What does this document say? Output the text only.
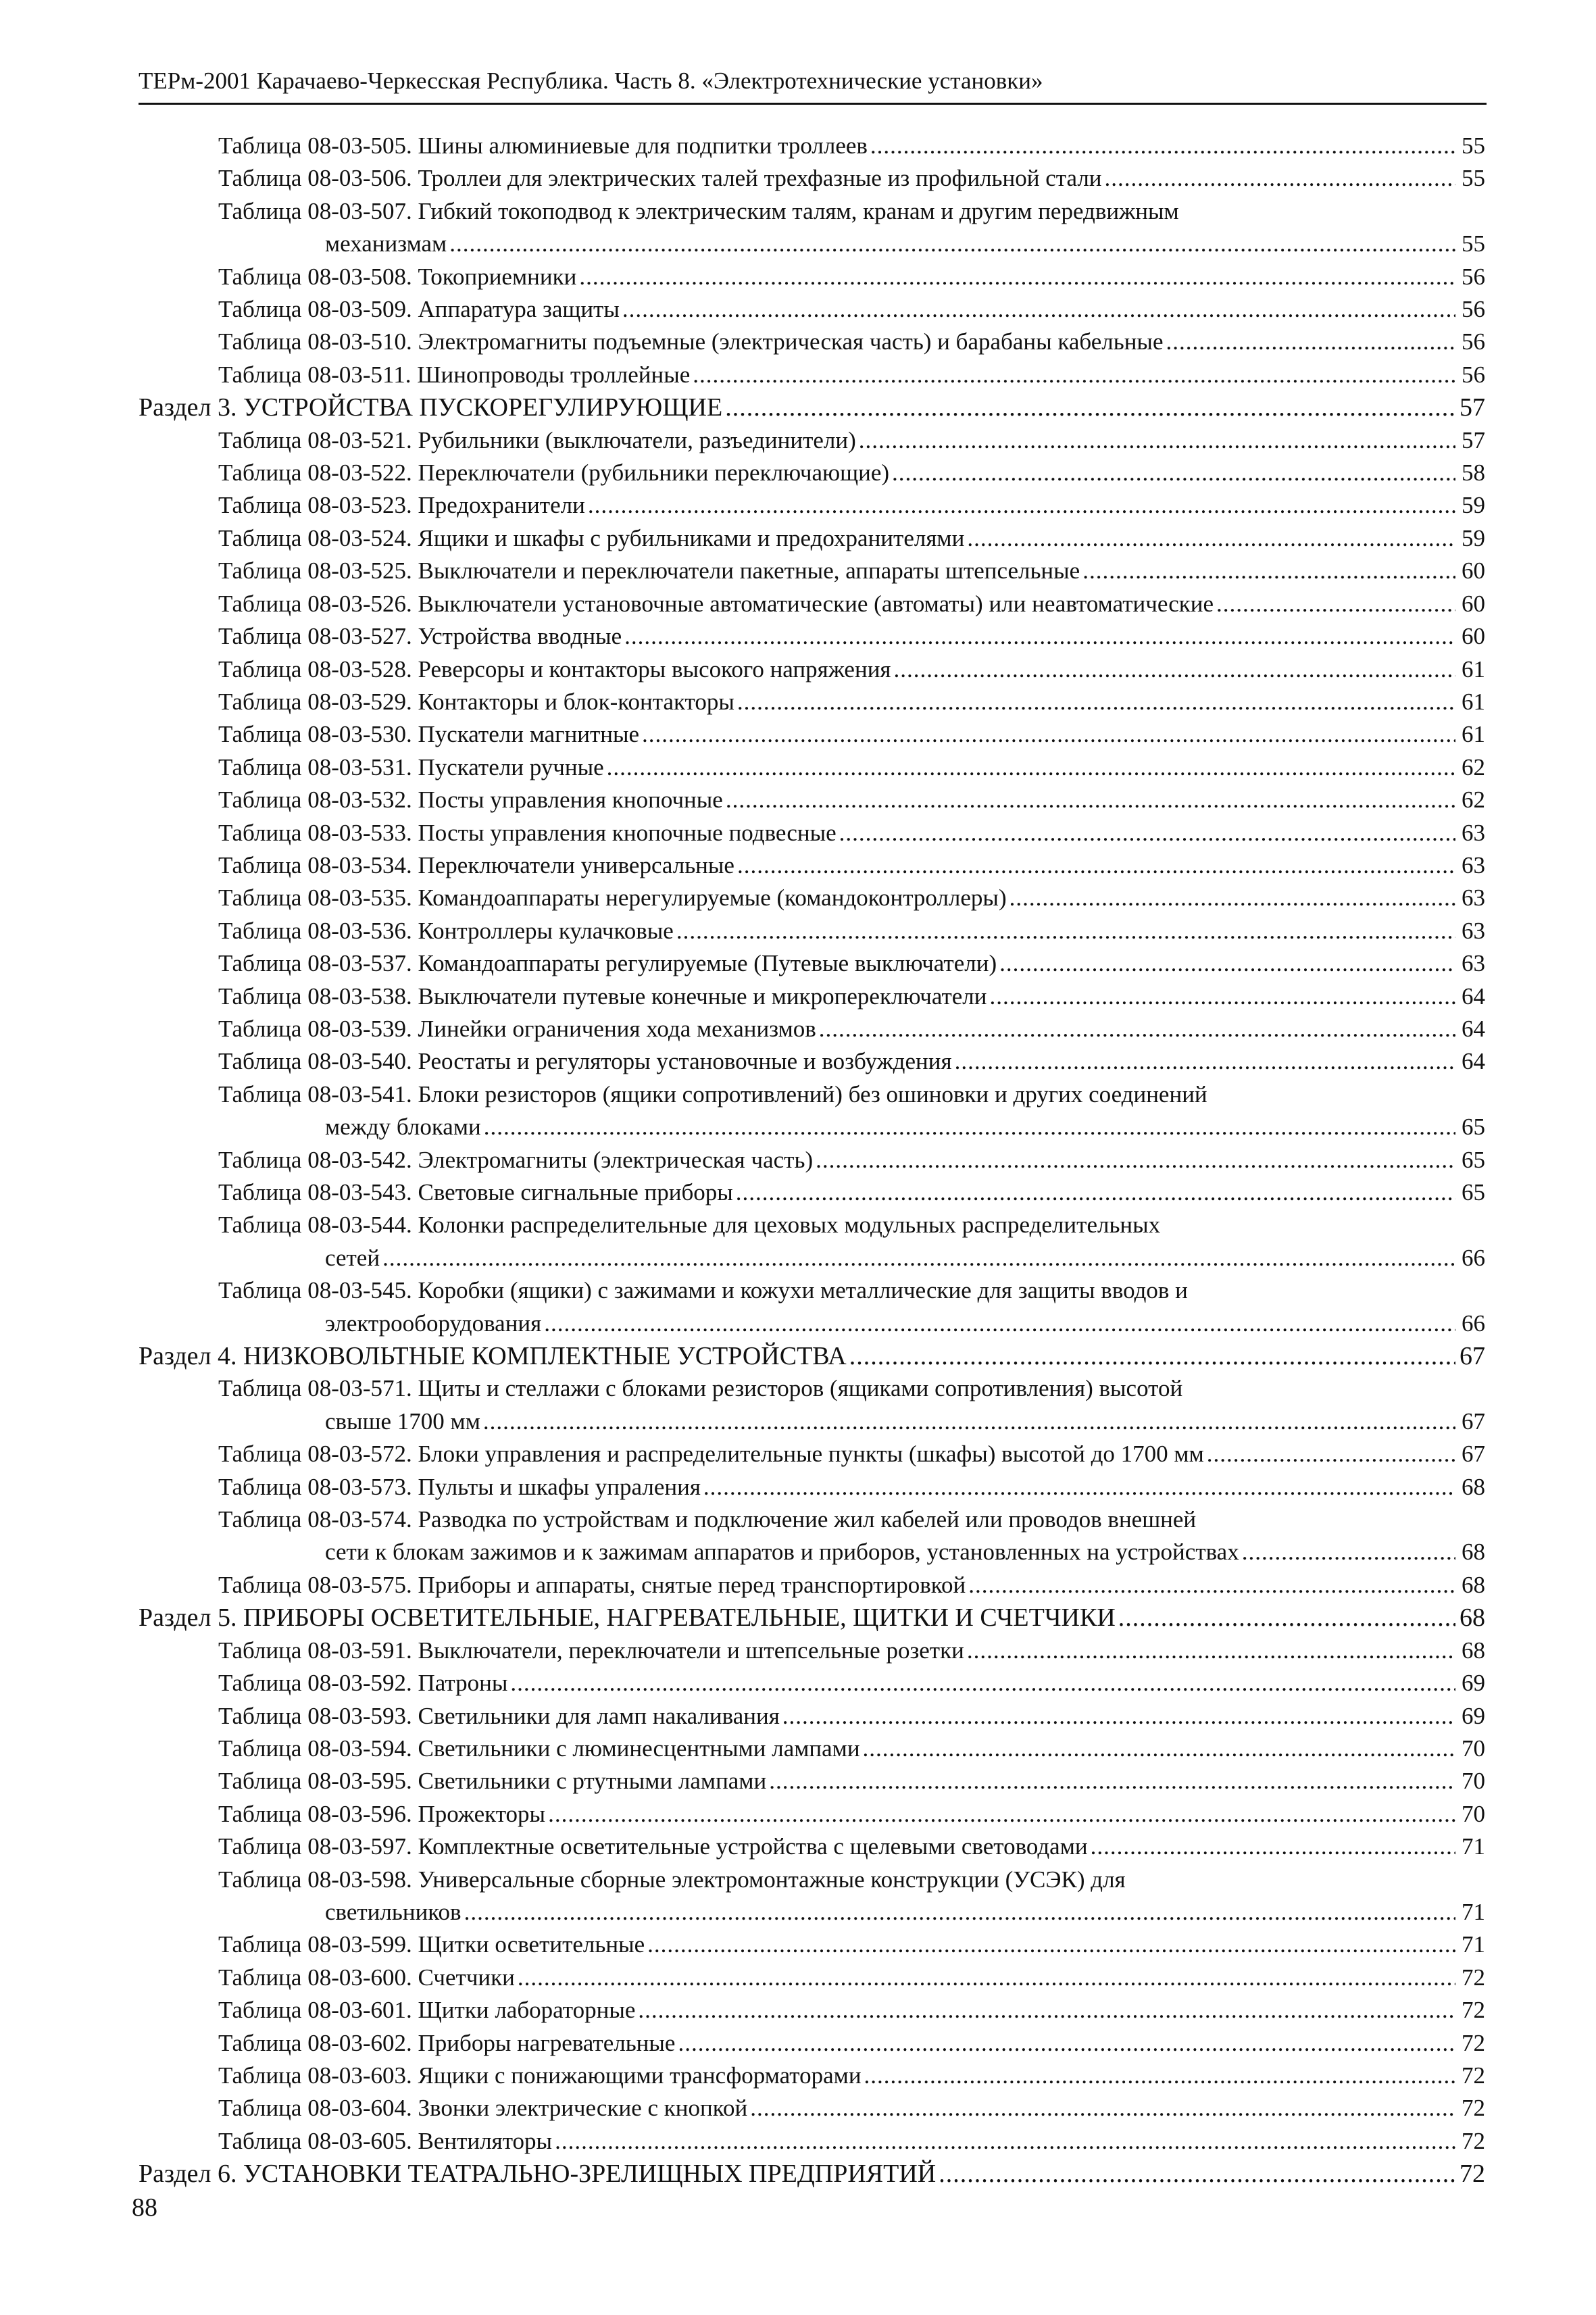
ТЕРм-2001 Карачаево-Черкесская Республика. Часть 8. «Электротехнические установки»
Таблица 08-03-505. Шины алюминиевые для подпитки троллеев .....	55
Таблица 08-03-506. Троллеи для электрических талей трехфазные из профильной стали .....	55
Таблица 08-03-507. Гибкий токоподвод к электрическим талям, кранам и другим передвижным
механизмам .....	55
Таблица 08-03-508. Токоприемники .....	56
Таблица 08-03-509. Аппаратура защиты .....	56
Таблица 08-03-510. Электромагниты подъемные (электрическая часть) и барабаны кабельные .....	56
Таблица 08-03-511. Шинопроводы троллейные .....	56
Раздел 3. УСТРОЙСТВА ПУСКОРЕГУЛИРУЮЩИЕ .....	57
Таблица 08-03-521. Рубильники (выключатели, разъединители) .....	57
Таблица 08-03-522. Переключатели (рубильники переключающие) .....	58
Таблица 08-03-523. Предохранители .....	59
Таблица 08-03-524. Ящики и шкафы с рубильниками и предохранителями .....	59
Таблица 08-03-525. Выключатели и переключатели пакетные, аппараты штепсельные .....	60
Таблица 08-03-526. Выключатели установочные автоматические (автоматы) или неавтоматические .....	60
Таблица 08-03-527. Устройства вводные .....	60
Таблица 08-03-528. Реверсоры и контакторы высокого напряжения .....	61
Таблица 08-03-529. Контакторы и блок-контакторы .....	61
Таблица 08-03-530. Пускатели магнитные .....	61
Таблица 08-03-531. Пускатели ручные .....	62
Таблица 08-03-532. Посты управления кнопочные .....	62
Таблица 08-03-533. Посты управления кнопочные подвесные .....	63
Таблица 08-03-534. Переключатели универсальные .....	63
Таблица 08-03-535. Командоаппараты нерегулируемые (командоконтроллеры) .....	63
Таблица 08-03-536. Контроллеры кулачковые .....	63
Таблица 08-03-537. Командоаппараты регулируемые (Путевые выключатели) .....	63
Таблица 08-03-538. Выключатели путевые конечные и микропереключатели .....	64
Таблица 08-03-539. Линейки ограничения хода механизмов .....	64
Таблица 08-03-540. Реостаты и регуляторы установочные и возбуждения .....	64
Таблица 08-03-541. Блоки резисторов (ящики сопротивлений) без ошиновки и других соединений
между блоками .....	65
Таблица 08-03-542. Электромагниты (электрическая часть) .....	65
Таблица 08-03-543. Световые сигнальные приборы .....	65
Таблица 08-03-544. Колонки распределительные для цеховых модульных распределительных
сетей .....	66
Таблица 08-03-545. Коробки (ящики) с зажимами и кожухи металлические для защиты вводов и
электрооборудования .....	66
Раздел 4. НИЗКОВОЛЬТНЫЕ КОМПЛЕКТНЫЕ УСТРОЙСТВА .....	67
Таблица 08-03-571. Щиты и стеллажи с блоками резисторов (ящиками сопротивления) высотой
свыше 1700 мм .....	67
Таблица 08-03-572. Блоки управления и распределительные пункты (шкафы) высотой до 1700 мм .....	67
Таблица 08-03-573. Пульты и шкафы упраления .....	68
Таблица 08-03-574. Разводка по устройствам и подключение жил кабелей или проводов внешней
сети к блокам зажимов и к зажимам аппаратов и приборов, установленных на устройствах .....	68
Таблица 08-03-575. Приборы и аппараты, снятые перед транспортировкой .....	68
Раздел 5. ПРИБОРЫ ОСВЕТИТЕЛЬНЫЕ, НАГРЕВАТЕЛЬНЫЕ, ЩИТКИ И СЧЕТЧИКИ .....	68
Таблица 08-03-591. Выключатели, переключатели и штепсельные розетки .....	68
Таблица 08-03-592. Патроны .....	69
Таблица 08-03-593. Светильники для ламп накаливания .....	69
Таблица 08-03-594. Светильники с люминесцентными лампами .....	70
Таблица 08-03-595. Светильники с ртутными лампами .....	70
Таблица 08-03-596. Прожекторы .....	70
Таблица 08-03-597. Комплектные осветительные устройства с щелевыми световодами .....	71
Таблица 08-03-598. Универсальные сборные электромонтажные конструкции (УСЭК) для
светильников .....	71
Таблица 08-03-599. Щитки осветительные .....	71
Таблица 08-03-600. Счетчики .....	72
Таблица 08-03-601. Щитки лабораторные .....	72
Таблица 08-03-602. Приборы нагревательные .....	72
Таблица 08-03-603. Ящики с понижающими трансформаторами .....	72
Таблица 08-03-604. Звонки электрические с кнопкой .....	72
Таблица 08-03-605. Вентиляторы .....	72
Раздел 6. УСТАНОВКИ ТЕАТРАЛЬНО-ЗРЕЛИЩНЫХ ПРЕДПРИЯТИЙ .....	72
88
